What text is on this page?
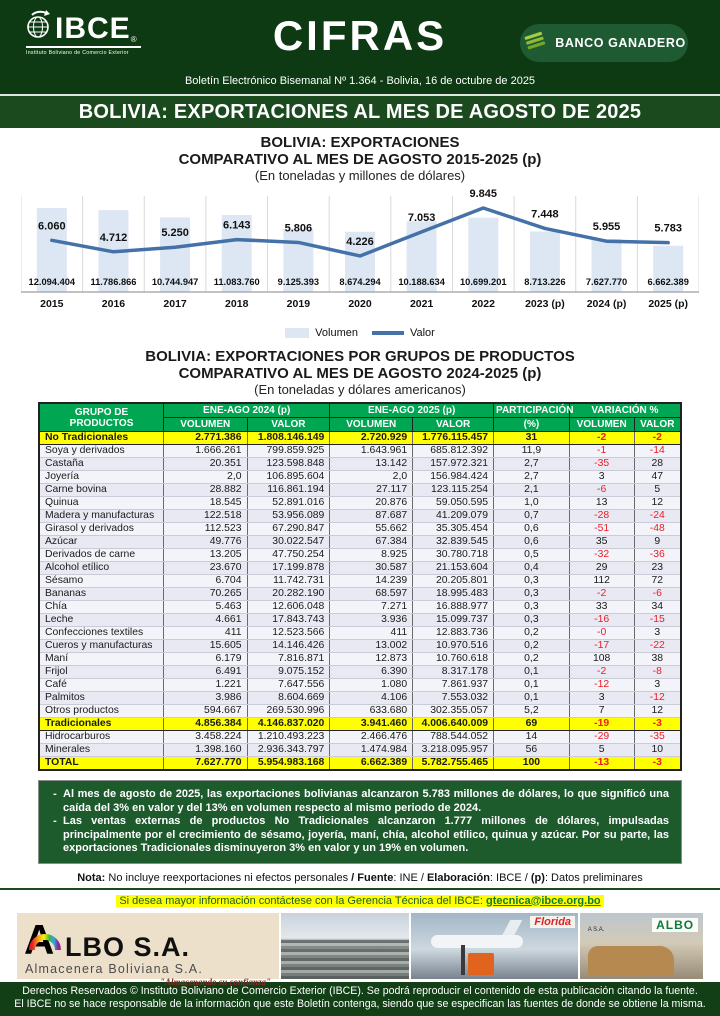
IBCE ®
Instituto Boliviano de Comercio Exterior	CIFRAS	BANCO GANADERO
Boletín Electrónico Bisemanal Nº 1.364 - Bolivia, 16 de octubre de 2025
BOLIVIA: EXPORTACIONES AL MES DE AGOSTO DE 2025
BOLIVIA: EXPORTACIONES
COMPARATIVO AL MES DE AGOSTO 2015-2025 (p)
(En toneladas y millones de dólares)
12.094.404 11.786.866 10.744.947 11.083.760 9.125.393 8.674.294 10.188.634 10.699.201 8.713.226 7.627.770 6.662.389
6.060
4.712	5.250
6.143	5.806
4.226
7.053
9.845
7.448
5.955	5.783
2015	2016	2017	2018	2019	2020	2021	2022	2023 (p) 2024 (p) 2025 (p)
Volumen	Valor
BOLIVIA: EXPORTACIONES POR GRUPOS DE PRODUCTOS
COMPARATIVO AL MES DE AGOSTO 2024-2025 (p)
(En toneladas y dólares americanos)
GRUPO DE PRODUCTOS	ENE-AGO 2024 (p)		ENE-AGO 2025 (p)		PARTICIPACIÓN	VARIACIÓN %	
	VOLUMEN	VALOR	VOLUMEN	VALOR	(%)	VOLUMEN	VALOR
No Tradicionales	2.771.386	1.808.146.149	2.720.929	1.776.115.457	31	-2	-2
Soya y derivados	1.666.261	799.859.925	1.643.961	685.812.392	11,9	-1	-14
Castaña	20.351	123.598.848	13.142	157.972.321	2,7	-35	28
Joyería	2,0	106.895.604	2,0	156.984.424	2,7	3	47
Carne bovina	28.882	116.861.194	27.117	123.115.254	2,1	-6	5
Quinua	18.545	52.891.016	20.876	59.050.595	1,0	13	12
Madera y manufacturas	122.518	53.956.089	87.687	41.209.079	0,7	-28	-24
Girasol y derivados	112.523	67.290.847	55.662	35.305.454	0,6	-51	-48
Azúcar	49.776	30.022.547	67.384	32.839.545	0,6	35	9
Derivados de carne	13.205	47.750.254	8.925	30.780.718	0,5	-32	-36
Alcohol etílico	23.670	17.199.878	30.587	21.153.604	0,4	29	23
Sésamo	6.704	11.742.731	14.239	20.205.801	0,3	112	72
Bananas	70.265	20.282.190	68.597	18.995.483	0,3	-2	-6
Chía	5.463	12.606.048	7.271	16.888.977	0,3	33	34
Leche	4.661	17.843.743	3.936	15.099.737	0,3	-16	-15
Confecciones textiles	411	12.523.566	411	12.883.736	0,2	-0	3
Cueros y manufacturas	15.605	14.146.426	13.002	10.970.516	0,2	-17	-22
Maní	6.179	7.816.871	12.873	10.760.618	0,2	108	38
Frijol	6.491	9.075.152	6.390	8.317.178	0,1	-2	-8
Café	1.221	7.647.556	1.080	7.861.937	0,1	-12	3
Palmitos	3.986	8.604.669	4.106	7.553.032	0,1	3	-12
Otros productos	594.667	269.530.996	633.680	302.355.057	5,2	7	12
Tradicionales	4.856.384	4.146.837.020	3.941.460	4.006.640.009	69	-19	-3
Hidrocarburos	3.458.224	1.210.493.223	2.466.476	788.544.052	14	-29	-35
Minerales	1.398.160	2.936.343.797	1.474.984	3.218.095.957	56	5	10
TOTAL	7.627.770	5.954.983.168	6.662.389	5.782.755.465	100	-13	-3
- Al mes de agosto de 2025, las exportaciones bolivianas alcanzaron 5.783 millones de dólares, lo que significó una caída del 3% en valor y del 13% en volumen respecto al mismo periodo de 2024.
- Las ventas externas de productos No Tradicionales alcanzaron 1.777 millones de dólares, impulsadas principalmente por el crecimiento de sésamo, joyería, maní, chía, alcohol etílico, quinua y azúcar. Por su parte, las exportaciones Tradicionales disminuyeron 3% en valor y un 19% en volumen.
Nota: No incluye reexportaciones ni efectos personales / Fuente: INE / Elaboración: IBCE / (p): Datos preliminares
Si desea mayor información contáctese con la Gerencia Técnica del IBCE: gtecnica@ibce.org.bo
A LBO S.A.
Almacenera Boliviana S.A.
"Almacenando su confianza"
Florida
A S.A.	ALBO
Derechos Reservados © Instituto Boliviano de Comercio Exterior (IBCE). Se podrá reproducir el contenido de esta publicación citando la fuente.
El IBCE no se hace responsable de la información que este Boletín contenga, siendo que se especifican las fuentes de donde se obtiene la misma.
